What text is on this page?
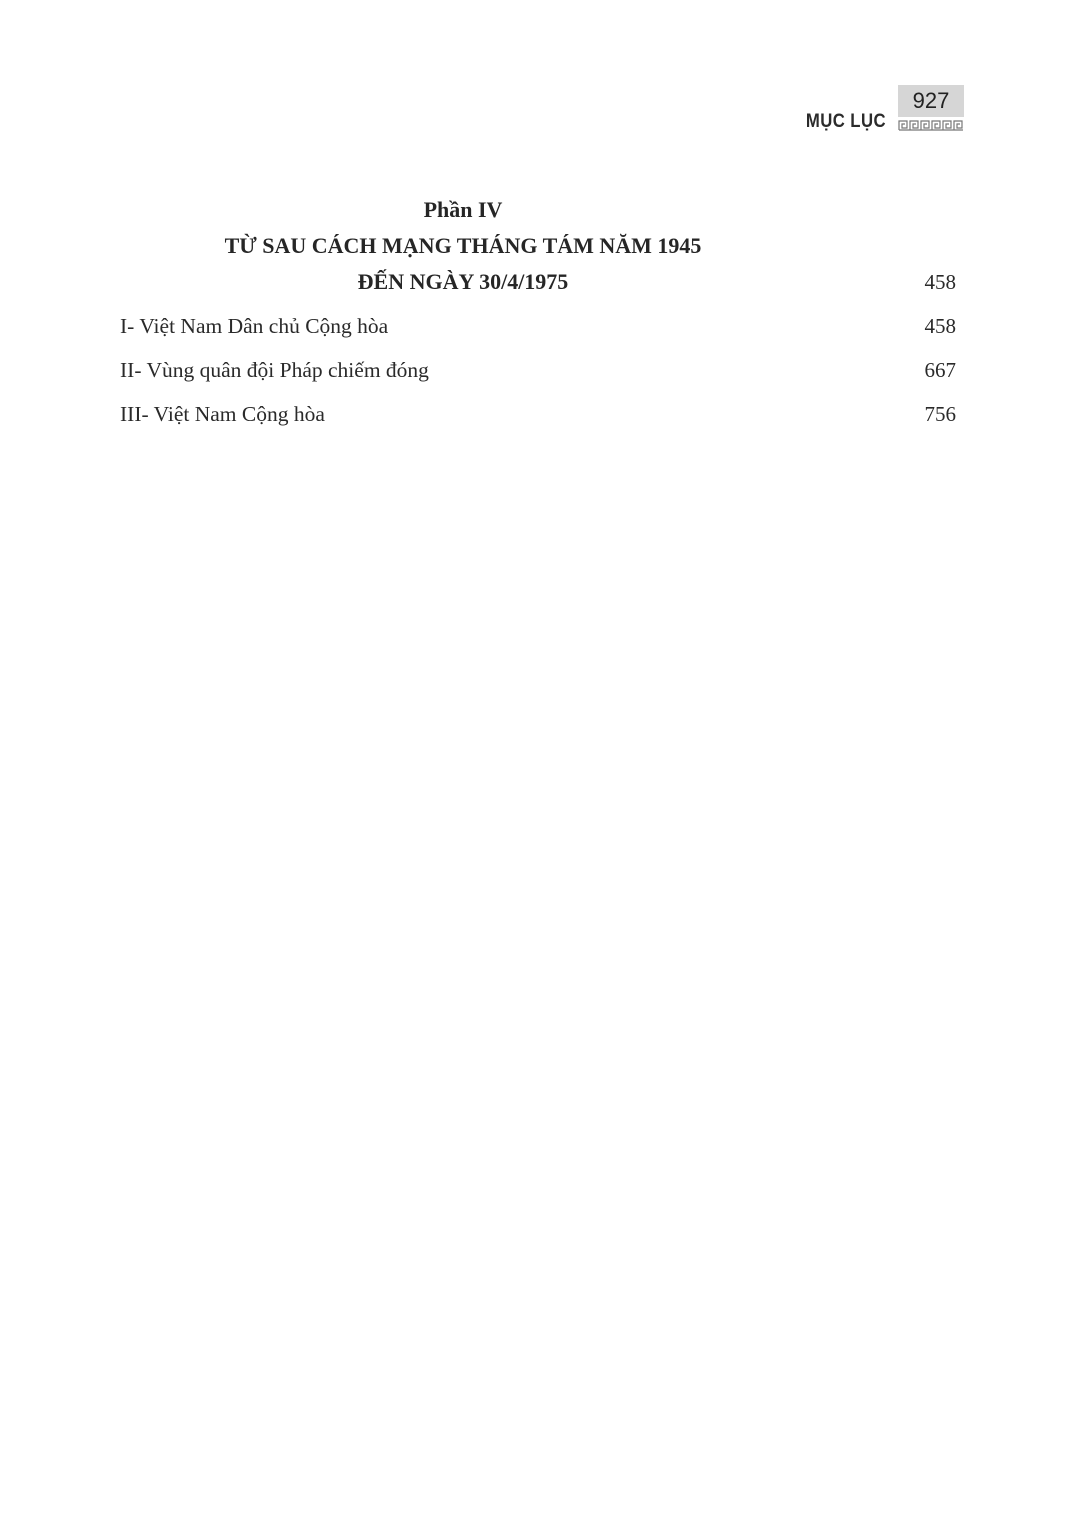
927
MỤC LỤC
Phần IV
TỪ SAU CÁCH MẠNG THÁNG TÁM NĂM 1945
ĐẾN NGÀY 30/4/1975	458
I- Việt Nam Dân chủ Cộng hòa	458
II- Vùng quân đội Pháp chiếm đóng	667
III- Việt Nam Cộng hòa	756
